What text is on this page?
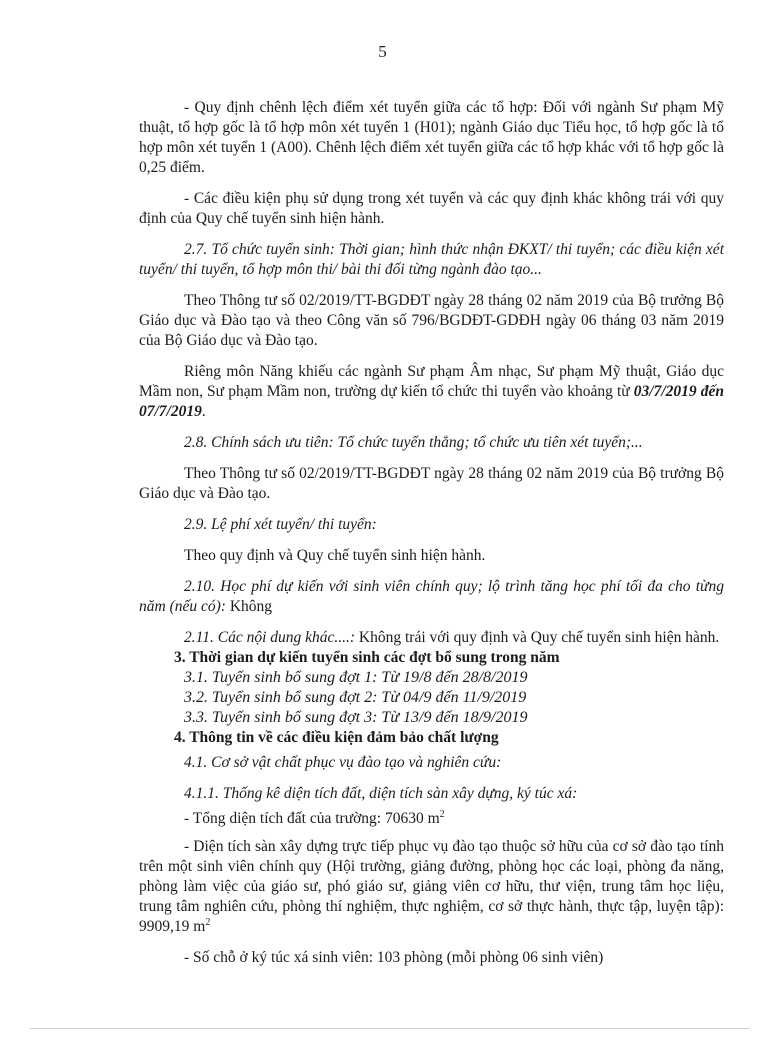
5

- Quy định chênh lệch điểm xét tuyển giữa các tổ hợp: Đối với ngành Sư phạm Mỹ thuật, tổ hợp gốc là tổ hợp môn xét tuyển 1 (H01); ngành Giáo dục Tiểu học, tổ hợp gốc là tổ hợp môn xét tuyển 1 (A00). Chênh lệch điểm xét tuyển giữa các tổ hợp khác với tổ hợp gốc là 0,25 điểm.

- Các điều kiện phụ sử dụng trong xét tuyển và các quy định khác không trái với quy định của Quy chế tuyển sinh hiện hành.

2.7. Tổ chức tuyển sinh: Thời gian; hình thức nhận ĐKXT/ thi tuyển; các điều kiện xét tuyển/ thi tuyển, tổ hợp môn thi/ bài thi đối từng ngành đào tạo...

Theo Thông tư số 02/2019/TT-BGDĐT ngày 28 tháng 02 năm 2019 của Bộ trưởng Bộ Giáo dục và Đào tạo và theo Công văn số 796/BGDĐT-GDĐH ngày 06 tháng 03 năm 2019 của Bộ Giáo dục và Đào tạo.

Riêng môn Năng khiếu các ngành Sư phạm Âm nhạc, Sư phạm Mỹ thuật, Giáo dục Mầm non, Sư phạm Mầm non, trường dự kiến tổ chức thi tuyển vào khoảng từ 03/7/2019 đến 07/7/2019.

2.8. Chính sách ưu tiên: Tổ chức tuyển thẳng; tổ chức ưu tiên xét tuyển;...

Theo Thông tư số 02/2019/TT-BGDĐT ngày 28 tháng 02 năm 2019 của Bộ trưởng Bộ Giáo dục và Đào tạo.

2.9. Lệ phí xét tuyển/ thi tuyển:

Theo quy định và Quy chế tuyển sinh hiện hành.

2.10. Học phí dự kiến với sinh viên chính quy; lộ trình tăng học phí tối đa cho từng năm (nếu có): Không

2.11. Các nội dung khác....: Không trái với quy định và Quy chế tuyển sinh hiện hành.

3. Thời gian dự kiến tuyển sinh các đợt bổ sung trong năm

3.1. Tuyển sinh bổ sung đợt 1: Từ 19/8 đến 28/8/2019

3.2. Tuyển sinh bổ sung đợt 2: Từ 04/9 đến 11/9/2019

3.3. Tuyển sinh bổ sung đợt 3: Từ 13/9 đến 18/9/2019

4. Thông tin về các điều kiện đảm bảo chất lượng

4.1. Cơ sở vật chất phục vụ đào tạo và nghiên cứu:

4.1.1. Thống kê diện tích đất, diện tích sàn xây dựng, ký túc xá:

- Tổng diện tích đất của trường: 70630 $m^2$

- Diện tích sàn xây dựng trực tiếp phục vụ đào tạo thuộc sở hữu của cơ sở đào tạo tính trên một sinh viên chính quy (Hội trường, giảng đường, phòng học các loại, phòng đa năng, phòng làm việc của giáo sư, phó giáo sư, giảng viên cơ hữu, thư viện, trung tâm học liệu, trung tâm nghiên cứu, phòng thí nghiệm, thực nghiệm, cơ sở thực hành, thực tập, luyện tập): 9909,19 $m^2$

- Số chỗ ở ký túc xá sinh viên: 103 phòng (mỗi phòng 06 sinh viên)
